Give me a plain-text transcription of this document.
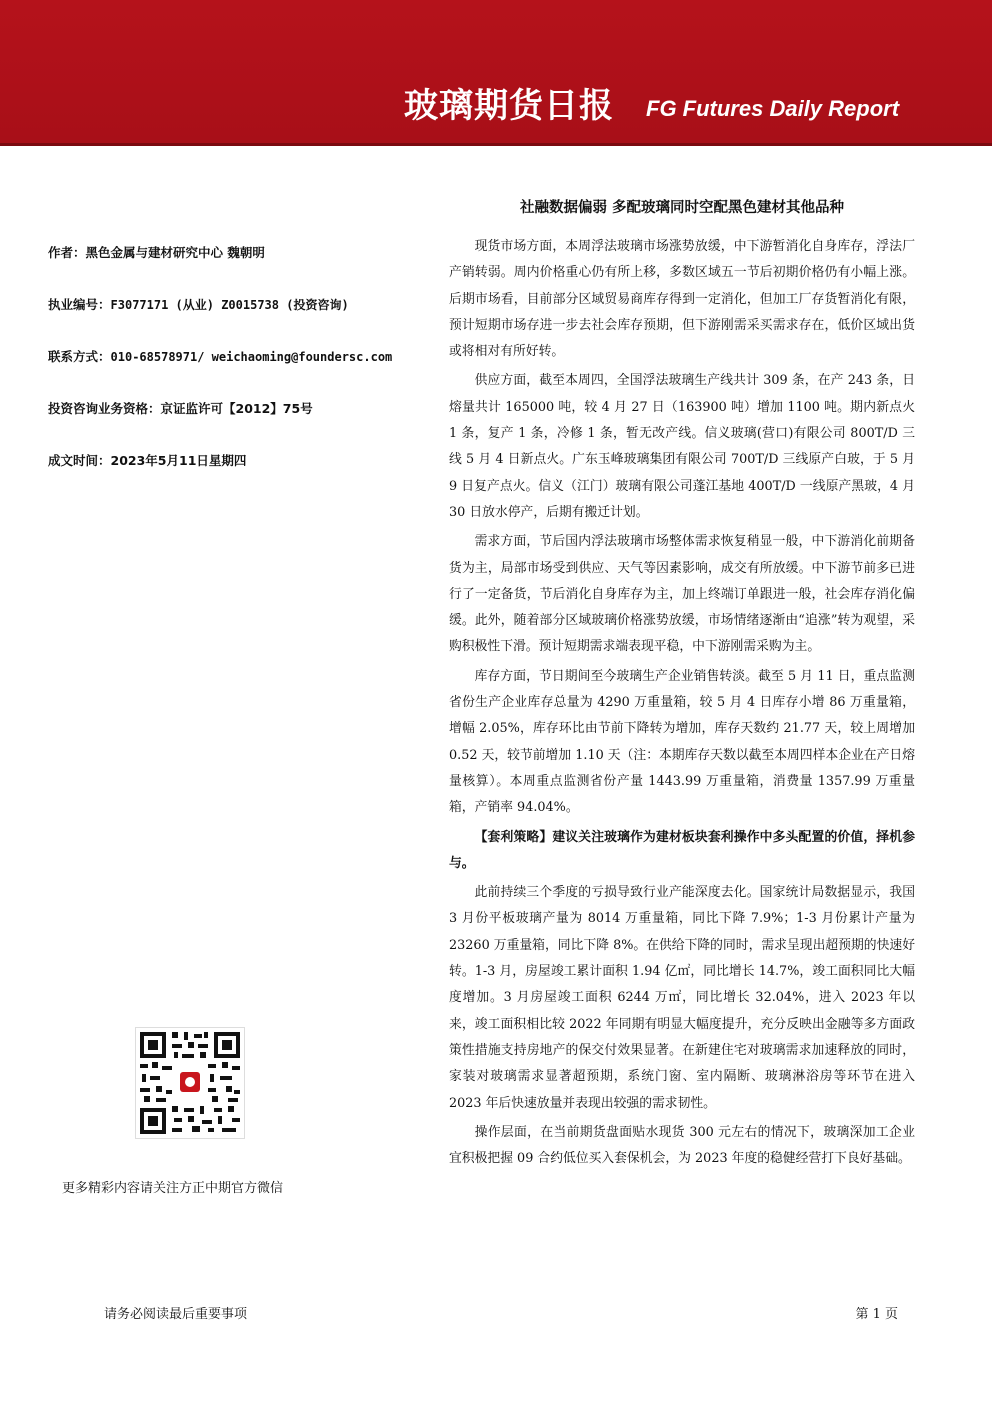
玻璃期货日报 FG Futures Daily Report
作者：黑色金属与建材研究中心 魏朝明
执业编号：F3077171 (从业) Z0015738 (投资咨询)
联系方式：010-68578971/ weichaoming@foundersc.com
投资咨询业务资格：京证监许可【2012】75号
成文时间：2023年5月11日星期四
更多精彩内容请关注方正中期官方微信
社融数据偏弱 多配玻璃同时空配黑色建材其他品种

现货市场方面，本周浮法玻璃市场涨势放缓，中下游暂消化自身库存，浮法厂产销转弱。周内价格重心仍有所上移，多数区域五一节后初期价格仍有小幅上涨。后期市场看，目前部分区域贸易商库存得到一定消化，但加工厂存货暂消化有限，预计短期市场存进一步去社会库存预期，但下游刚需采买需求存在，低价区域出货或将相对有所好转。

供应方面，截至本周四，全国浮法玻璃生产线共计 309 条，在产 243 条，日熔量共计 165000 吨，较 4 月 27 日（163900 吨）增加 1100 吨。期内新点火 1 条，复产 1 条，冷修 1 条，暂无改产线。信义玻璃(营口)有限公司 800T/D 三线 5 月 4 日新点火。广东玉峰玻璃集团有限公司 700T/D 三线原产白玻，于 5 月 9 日复产点火。信义（江门）玻璃有限公司蓬江基地 400T/D 一线原产黑玻，4 月 30 日放水停产，后期有搬迁计划。

需求方面，节后国内浮法玻璃市场整体需求恢复稍显一般，中下游消化前期备货为主，局部市场受到供应、天气等因素影响，成交有所放缓。中下游节前多已进行了一定备货，节后消化自身库存为主，加上终端订单跟进一般，社会库存消化偏缓。此外，随着部分区域玻璃价格涨势放缓，市场情绪逐渐由“追涨”转为观望，采购积极性下滑。预计短期需求端表现平稳，中下游刚需采购为主。

库存方面，节日期间至今玻璃生产企业销售转淡。截至 5 月 11 日，重点监测省份生产企业库存总量为 4290 万重量箱，较 5 月 4 日库存小增 86 万重量箱，增幅 2.05%，库存环比由节前下降转为增加，库存天数约 21.77 天，较上周增加 0.52 天，较节前增加 1.10 天（注：本期库存天数以截至本周四样本企业在产日熔量核算）。本周重点监测省份产量 1443.99 万重量箱，消费量 1357.99 万重量箱，产销率 94.04%。

【套利策略】建议关注玻璃作为建材板块套利操作中多头配置的价值，择机参与。

此前持续三个季度的亏损导致行业产能深度去化。国家统计局数据显示，我国 3 月份平板玻璃产量为 8014 万重量箱，同比下降 7.9%；1-3 月份累计产量为 23260 万重量箱，同比下降 8%。在供给下降的同时，需求呈现出超预期的快速好转。1-3 月，房屋竣工累计面积 1.94 亿㎡，同比增长 14.7%，竣工面积同比大幅度增加。3 月房屋竣工面积 6244 万㎡，同比增长 32.04%，进入 2023 年以来，竣工面积相比较 2022 年同期有明显大幅度提升，充分反映出金融等多方面政策性措施支持房地产的保交付效果显著。在新建住宅对玻璃需求加速释放的同时，家装对玻璃需求显著超预期，系统门窗、室内隔断、玻璃淋浴房等环节在进入 2023 年后快速放量并表现出较强的需求韧性。

操作层面，在当前期货盘面贴水现货 300 元左右的情况下，玻璃深加工企业宜积极把握 09 合约低位买入套保机会，为 2023 年度的稳健经营打下良好基础。

请务必阅读最后重要事项	第 1 页
